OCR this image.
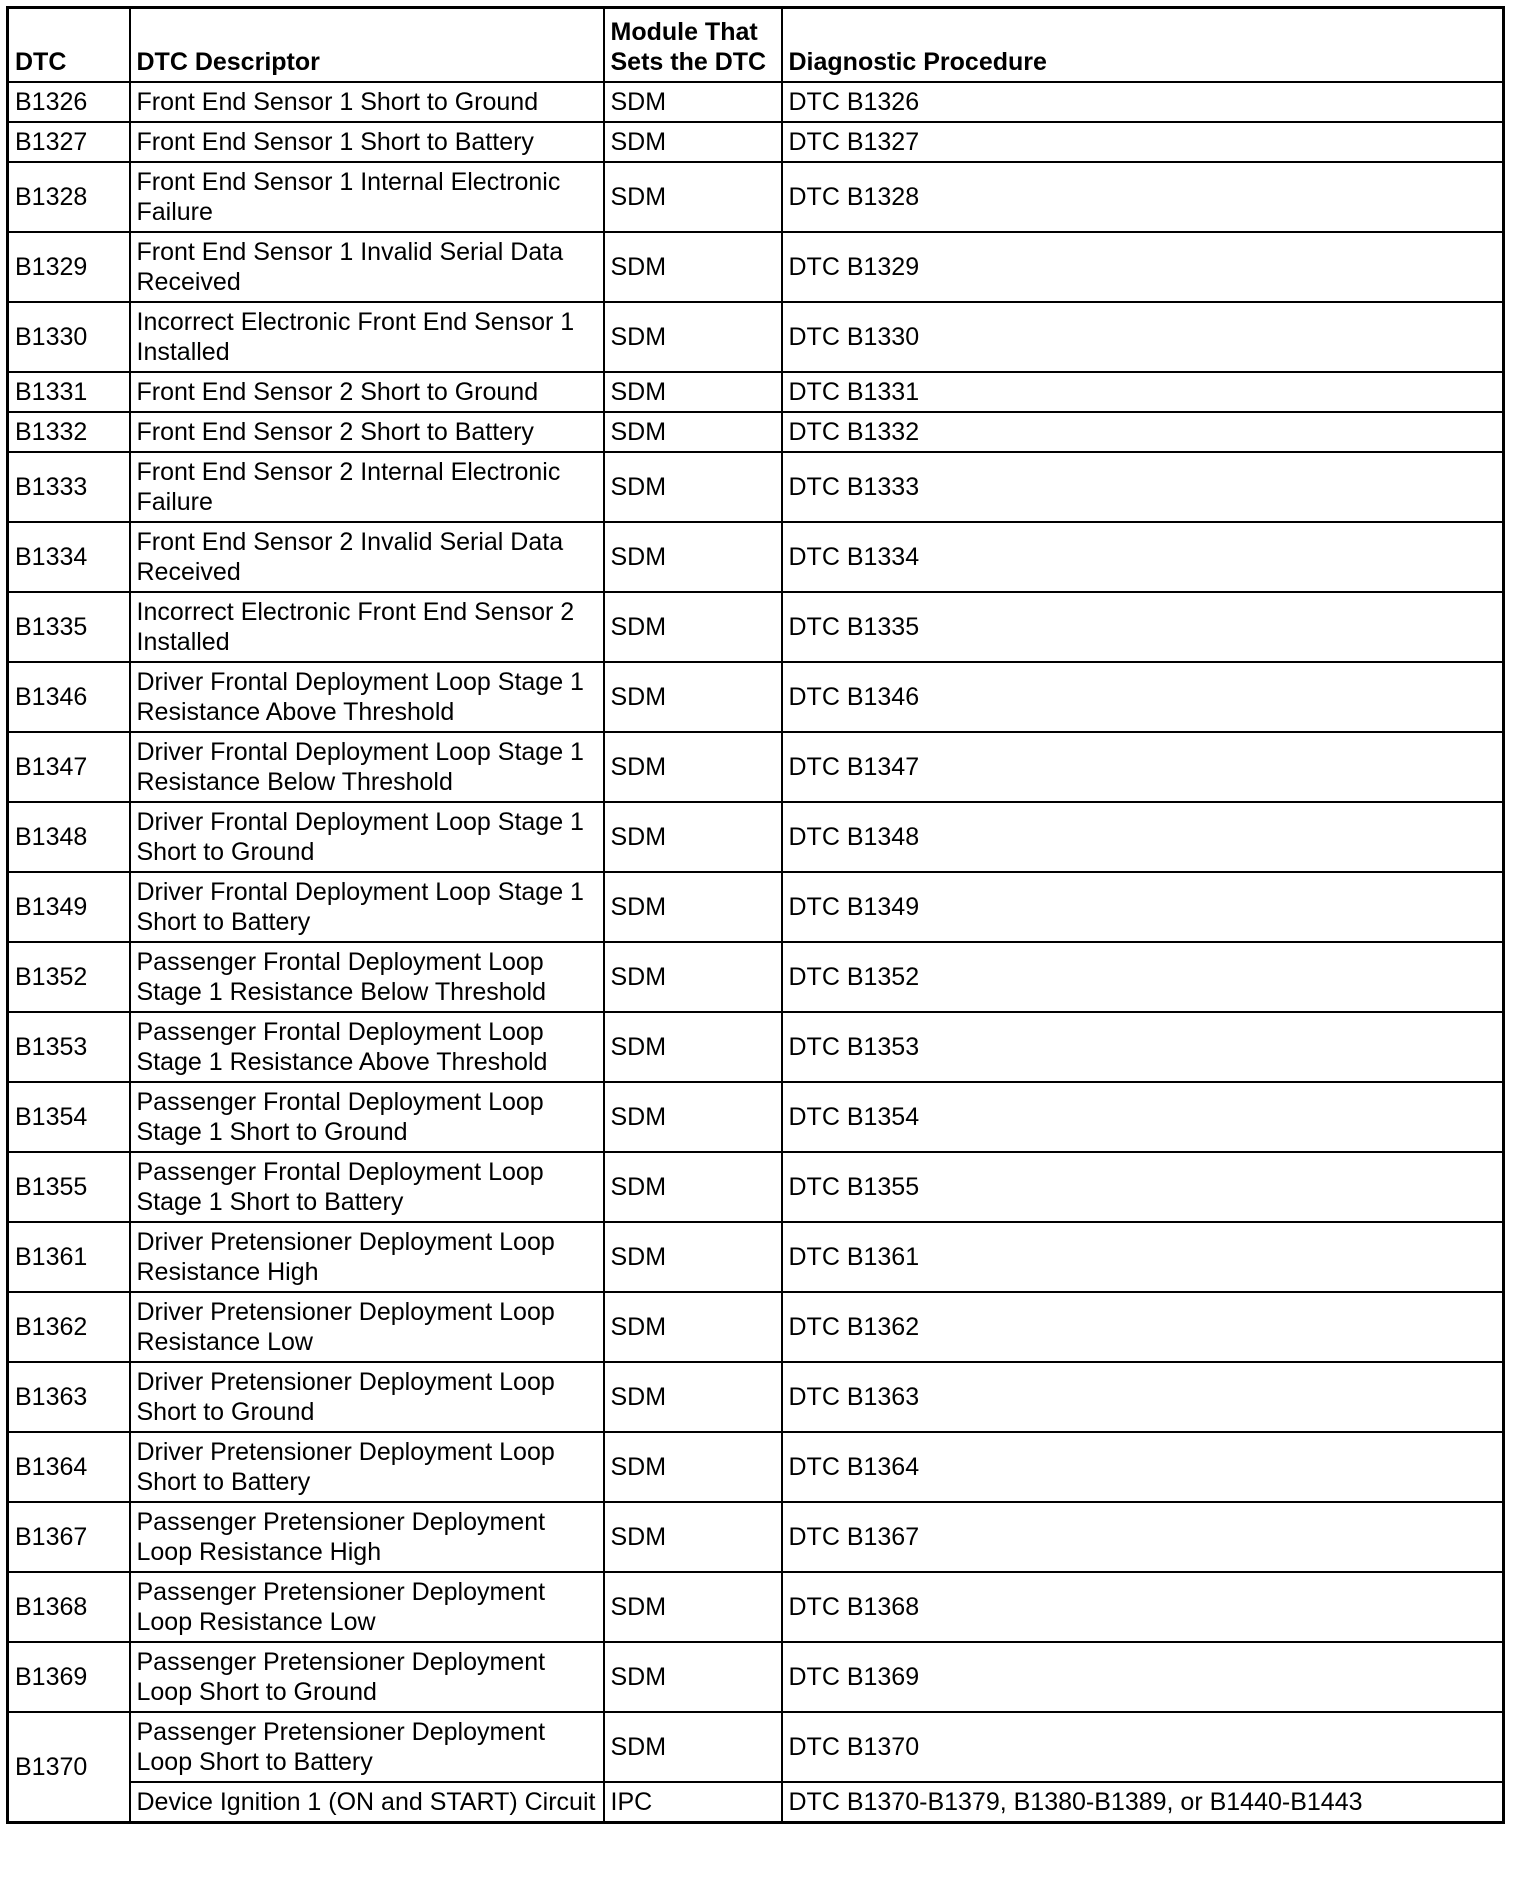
DTC	DTC Descriptor	Module That Sets the DTC	Diagnostic Procedure
B1326	Front End Sensor 1 Short to Ground	SDM	DTC B1326
B1327	Front End Sensor 1 Short to Battery	SDM	DTC B1327
B1328	Front End Sensor 1 Internal Electronic Failure	SDM	DTC B1328
B1329	Front End Sensor 1 Invalid Serial Data Received	SDM	DTC B1329
B1330	Incorrect Electronic Front End Sensor 1 Installed	SDM	DTC B1330
B1331	Front End Sensor 2 Short to Ground	SDM	DTC B1331
B1332	Front End Sensor 2 Short to Battery	SDM	DTC B1332
B1333	Front End Sensor 2 Internal Electronic Failure	SDM	DTC B1333
B1334	Front End Sensor 2 Invalid Serial Data Received	SDM	DTC B1334
B1335	Incorrect Electronic Front End Sensor 2 Installed	SDM	DTC B1335
B1346	Driver Frontal Deployment Loop Stage 1 Resistance Above Threshold	SDM	DTC B1346
B1347	Driver Frontal Deployment Loop Stage 1 Resistance Below Threshold	SDM	DTC B1347
B1348	Driver Frontal Deployment Loop Stage 1 Short to Ground	SDM	DTC B1348
B1349	Driver Frontal Deployment Loop Stage 1 Short to Battery	SDM	DTC B1349
B1352	Passenger Frontal Deployment Loop Stage 1 Resistance Below Threshold	SDM	DTC B1352
B1353	Passenger Frontal Deployment Loop Stage 1 Resistance Above Threshold	SDM	DTC B1353
B1354	Passenger Frontal Deployment Loop Stage 1 Short to Ground	SDM	DTC B1354
B1355	Passenger Frontal Deployment Loop Stage 1 Short to Battery	SDM	DTC B1355
B1361	Driver Pretensioner Deployment Loop Resistance High	SDM	DTC B1361
B1362	Driver Pretensioner Deployment Loop Resistance Low	SDM	DTC B1362
B1363	Driver Pretensioner Deployment Loop Short to Ground	SDM	DTC B1363
B1364	Driver Pretensioner Deployment Loop Short to Battery	SDM	DTC B1364
B1367	Passenger Pretensioner Deployment Loop Resistance High	SDM	DTC B1367
B1368	Passenger Pretensioner Deployment Loop Resistance Low	SDM	DTC B1368
B1369	Passenger Pretensioner Deployment Loop Short to Ground	SDM	DTC B1369
B1370	Passenger Pretensioner Deployment Loop Short to Battery	SDM	DTC B1370
	Device Ignition 1 (ON and START) Circuit	IPC	DTC B1370-B1379, B1380-B1389, or B1440-B1443
